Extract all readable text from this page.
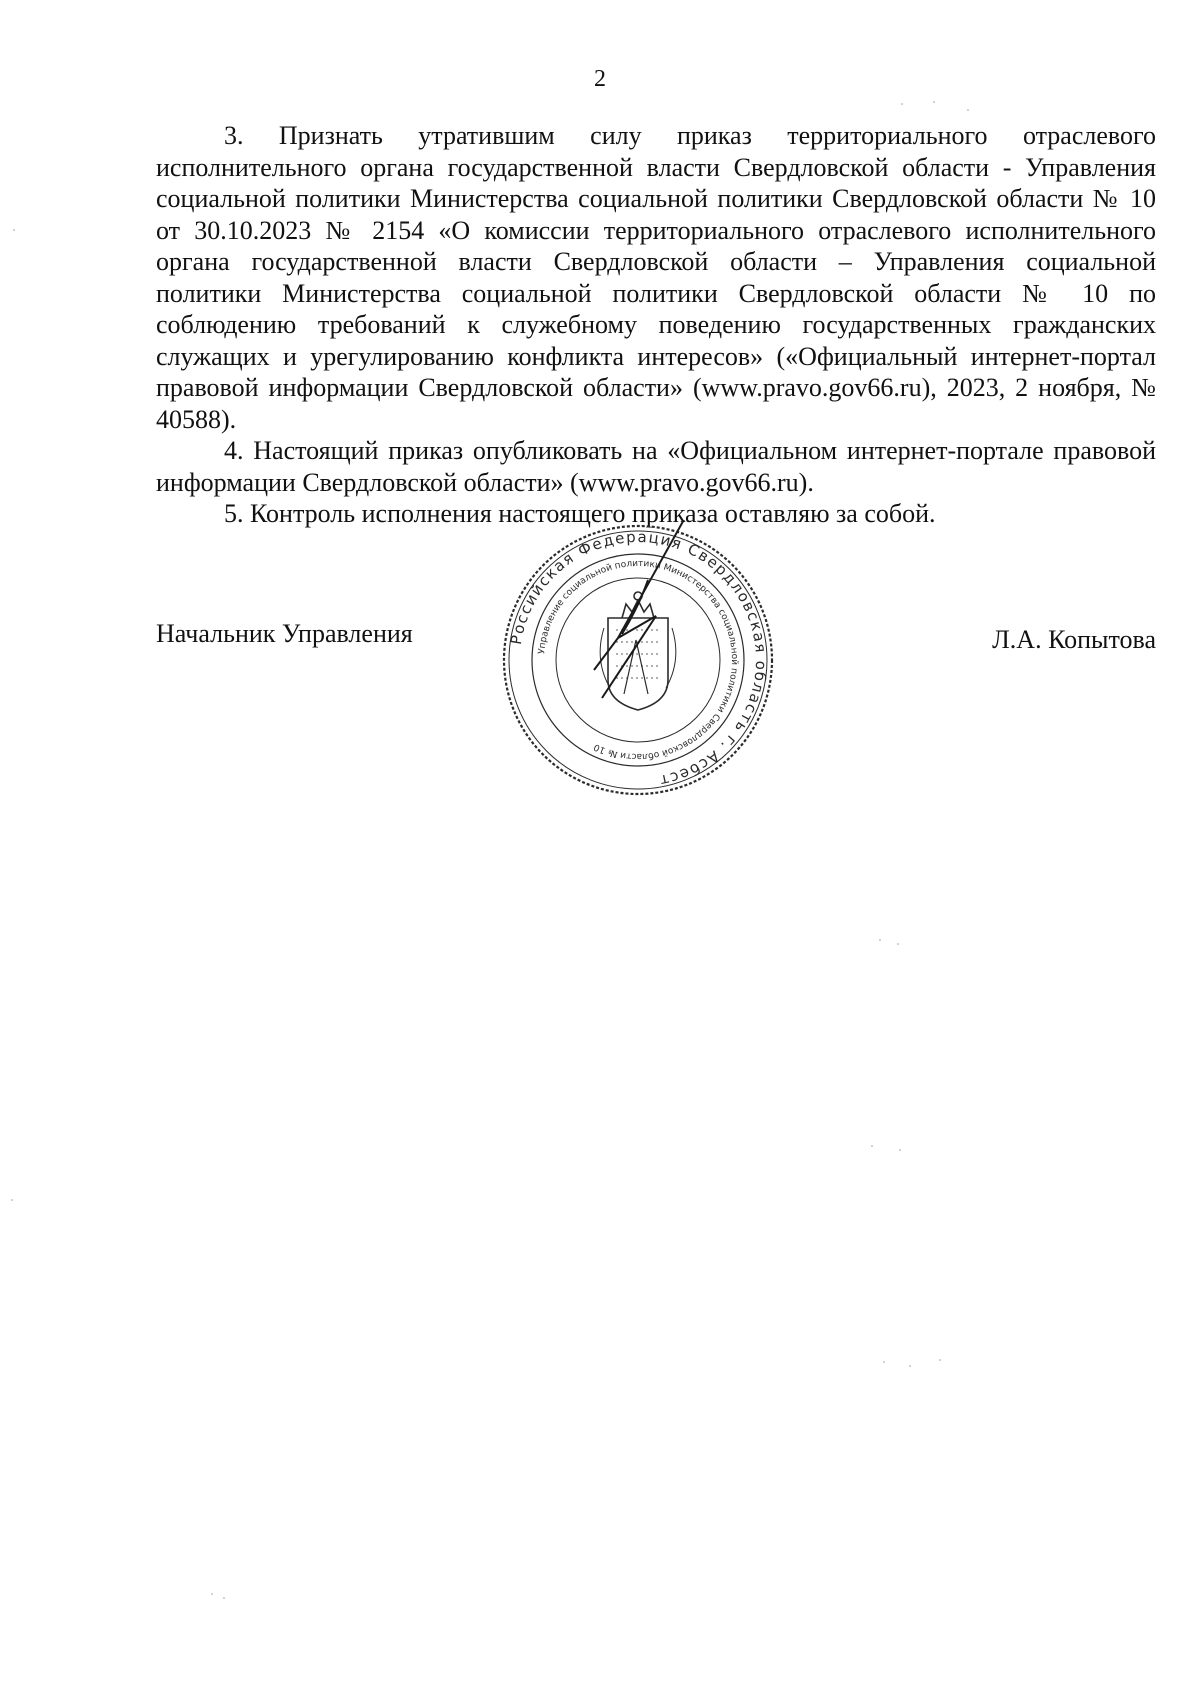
2

3. Признать утратившим силу приказ территориального отраслевого исполнительного органа государственной власти Свердловской области - Управления социальной политики Министерства социальной политики Свердловской области № 10 от 30.10.2023 № 2154 «О комиссии территориального отраслевого исполнительного органа государственной власти Свердловской области – Управления социальной политики Министерства социальной политики Свердловской области № 10 по соблюдению требований к служебному поведению государственных гражданских служащих и урегулированию конфликта интересов» («Официальный интернет-портал правовой информации Свердловской области» (www.pravo.gov66.ru), 2023, 2 ноября, № 40588).

4. Настоящий приказ опубликовать на «Официальном интернет-портале правовой информации Свердловской области» (www.pravo.gov66.ru).

5. Контроль исполнения настоящего приказа оставляю за собой.

Начальник Управления	Л.А. Копытова
Российская Федерация Свердловская область г. Асбест
Управление социальной политики Министерства социальной политики Свердловской области № 10
